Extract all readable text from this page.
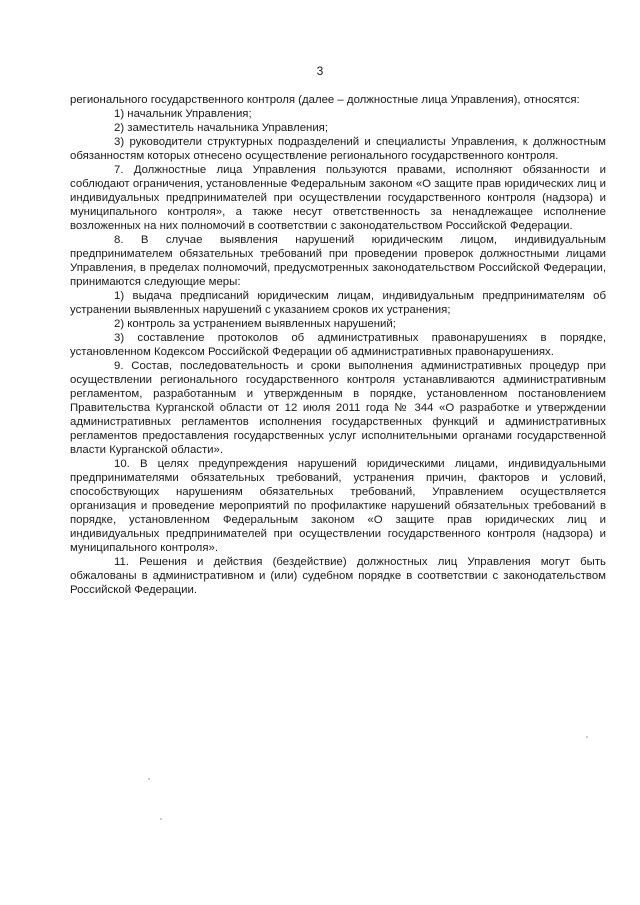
3

регионального государственного контроля (далее – должностные лица Управления), относятся:

1) начальник Управления;

2) заместитель начальника Управления;

3) руководители структурных подразделений и специалисты Управления, к должностным обязанностям которых отнесено осуществление регионального государственного контроля.

7. Должностные лица Управления пользуются правами, исполняют обязанности и соблюдают ограничения, установленные Федеральным законом «О защите прав юридических лиц и индивидуальных предпринимателей при осуществлении государственного контроля (надзора) и муниципального контроля», а также несут ответственность за ненадлежащее исполнение возложенных на них полномочий в соответствии с законодательством Российской Федерации.

8. В случае выявления нарушений юридическим лицом, индивидуальным предпринимателем обязательных требований при проведении проверок должностными лицами Управления, в пределах полномочий, предусмотренных законодательством Российской Федерации, принимаются следующие меры:

1) выдача предписаний юридическим лицам, индивидуальным предпринимателям об устранении выявленных нарушений с указанием сроков их устранения;

2) контроль за устранением выявленных нарушений;

3) составление протоколов об административных правонарушениях в порядке, установленном Кодексом Российской Федерации об административных правонарушениях.

9. Состав, последовательность и сроки выполнения административных процедур при осуществлении регионального государственного контроля устанавливаются административным регламентом, разработанным и утвержденным в порядке, установленном постановлением Правительства Курганской области от 12 июля 2011 года № 344 «О разработке и утверждении административных регламентов исполнения государственных функций и административных регламентов предоставления государственных услуг исполнительными органами государственной власти Курганской области».

10. В целях предупреждения нарушений юридическими лицами, индивидуальными предпринимателями обязательных требований, устранения причин, факторов и условий, способствующих нарушениям обязательных требований, Управлением осуществляется организация и проведение мероприятий по профилактике нарушений обязательных требований в порядке, установленном Федеральным законом «О защите прав юридических лиц и индивидуальных предпринимателей при осуществлении государственного контроля (надзора) и муниципального контроля».

11. Решения и действия (бездействие) должностных лиц Управления могут быть обжалованы в административном и (или) судебном порядке в соответствии с законодательством Российской Федерации.
